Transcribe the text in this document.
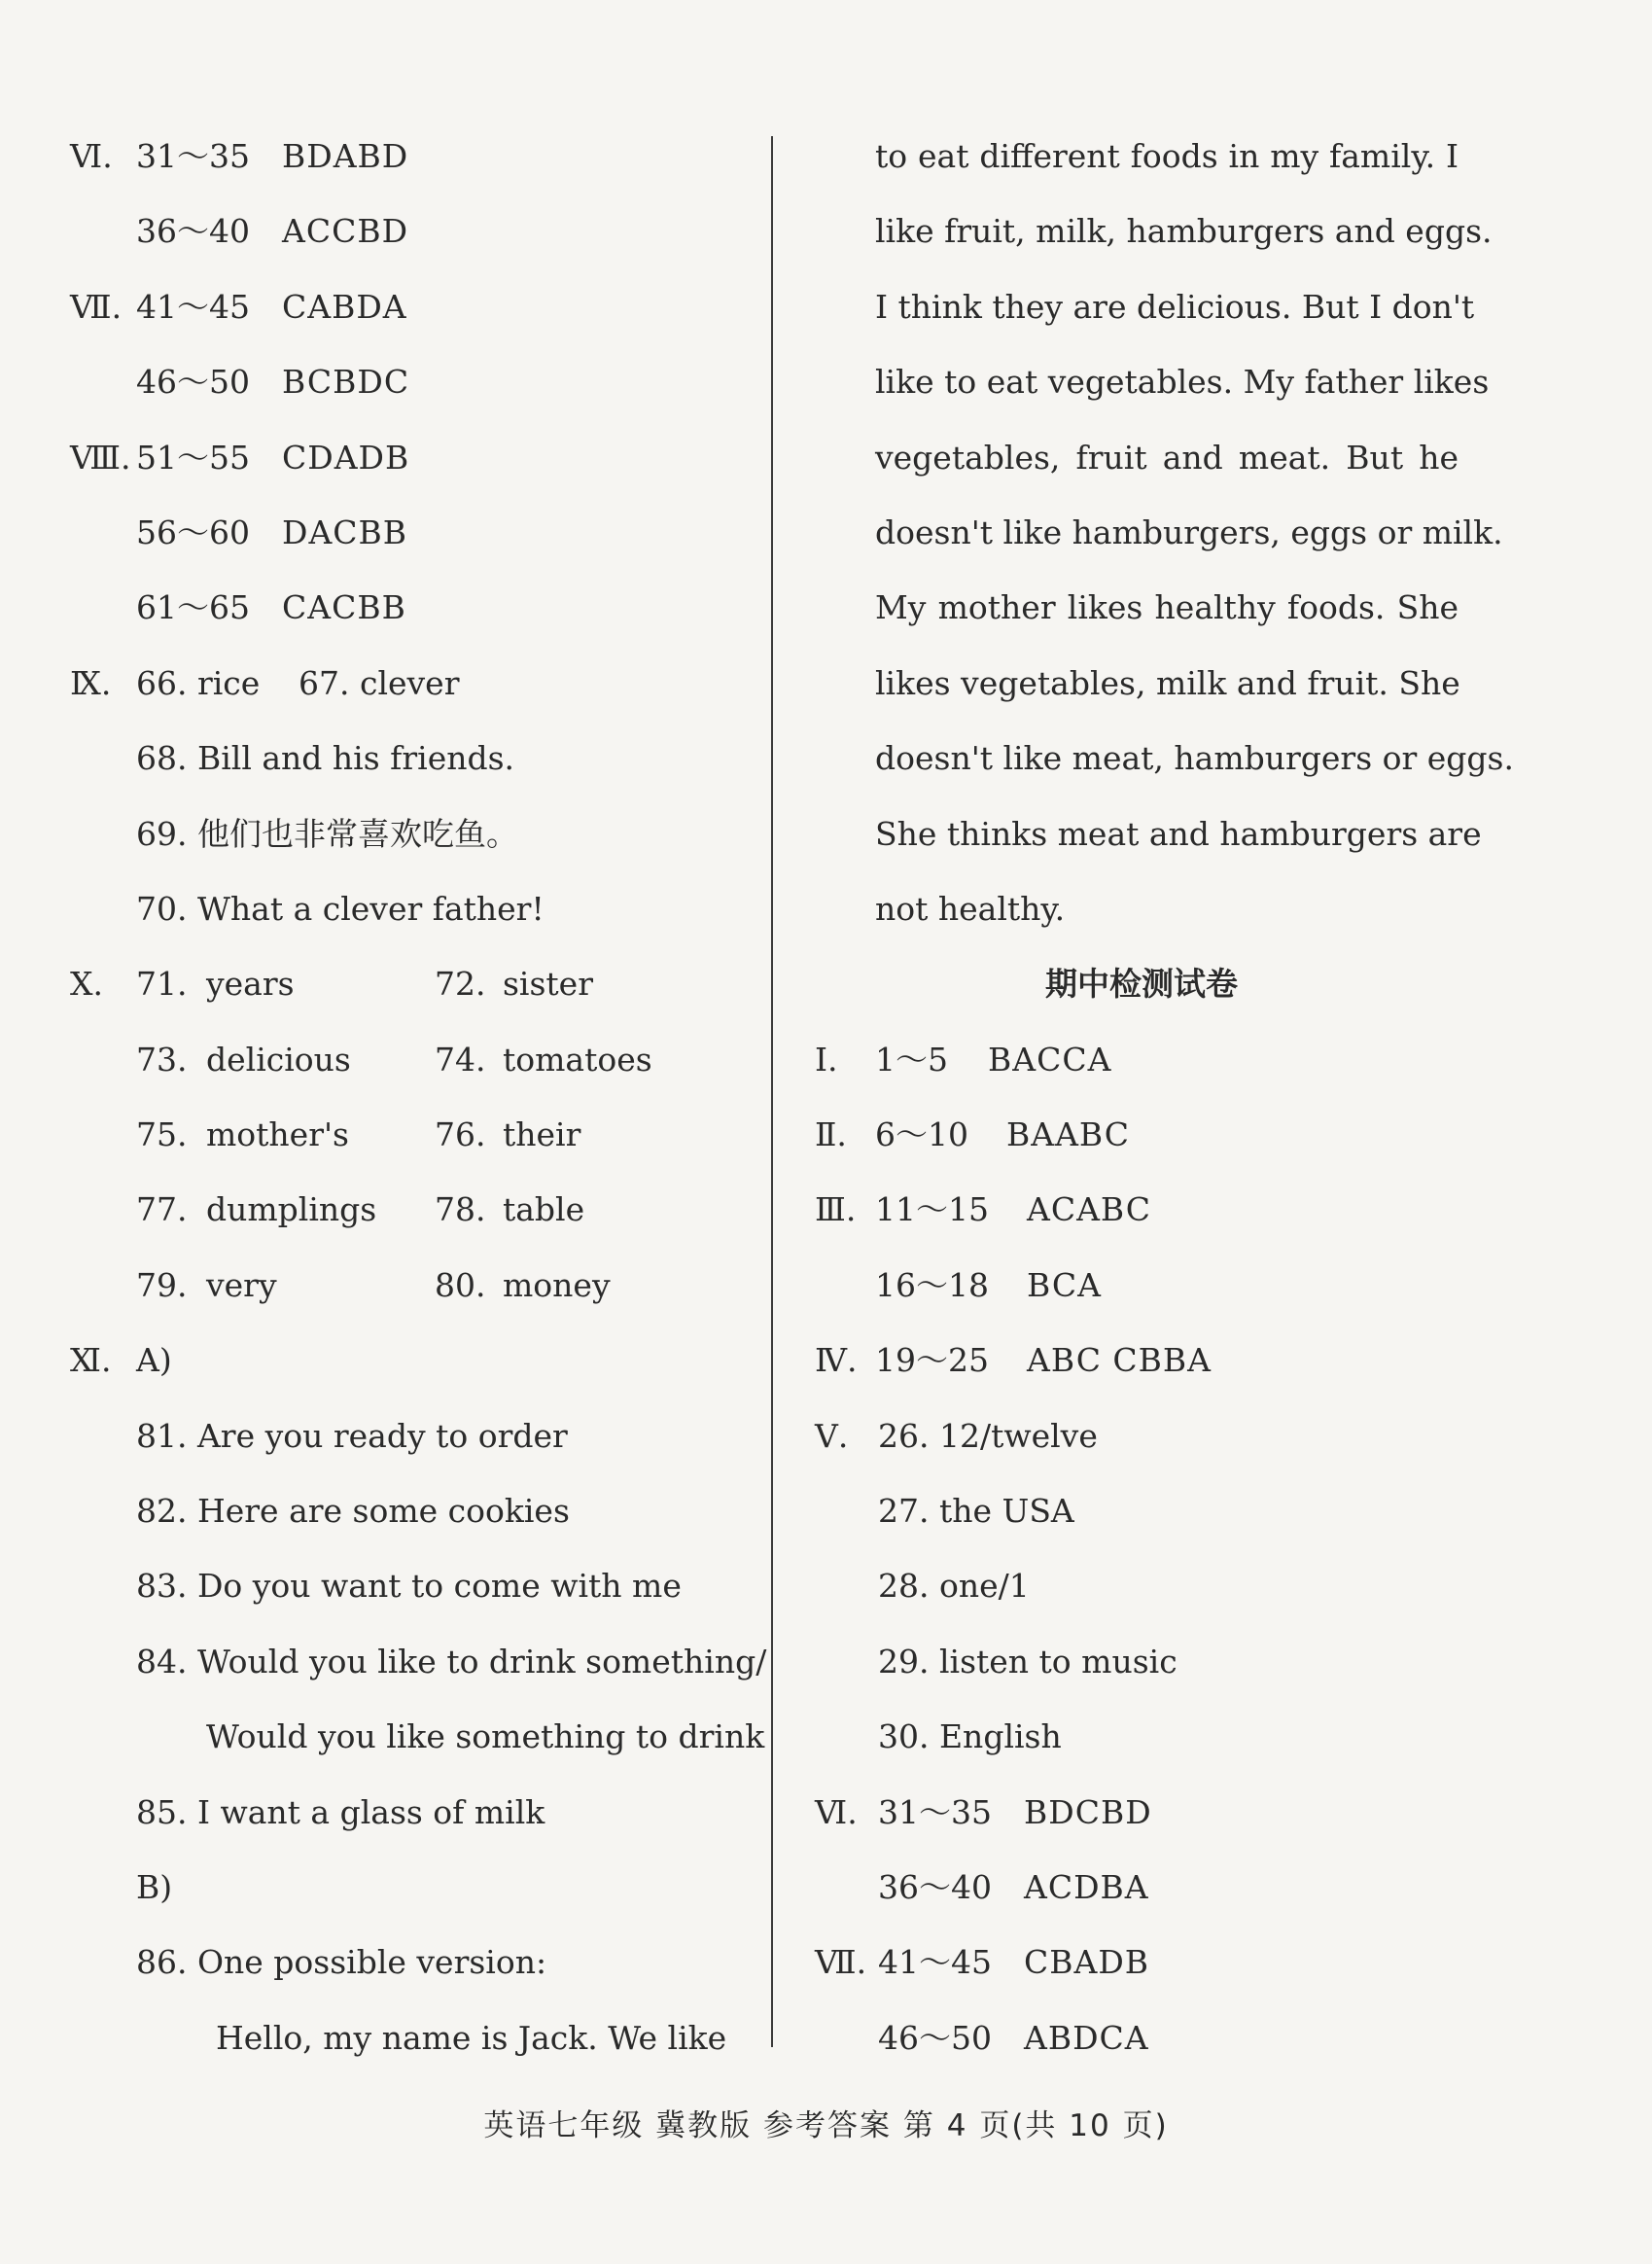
Ⅵ. 31～35 BDABD
36～40 ACCBD
Ⅶ. 41～45 CABDA
46～50 BCBDC
Ⅷ. 51～55 CDADB
56～60 DACBB
61～65 CACBB
Ⅸ. 66. rice 67. clever
68. Bill and his friends.
69. 他们也非常喜欢吃鱼。
70. What a clever father!
Ⅹ. 71. years	72. sister
73. delicious	74. tomatoes
75. mother's	76. their
77. dumplings 78. table
79. very	80. money
Ⅺ. A)
81. Are you ready to order
82. Here are some cookies
83. Do you want to come with me
84. Would you like to drink something/
Would you like something to drink
85. I want a glass of milk
B)
86. One possible version:
Hello, my name is Jack. We like
to eat different foods in my family. I
like fruit, milk, hamburgers and eggs.
I think they are delicious. But I don't
like to eat vegetables. My father likes
vegetables, fruit and meat. But he
doesn't like hamburgers, eggs or milk.
My mother likes healthy foods. She
likes vegetables, milk and fruit. She
doesn't like meat, hamburgers or eggs.
She thinks meat and hamburgers are
not healthy.
期中检测试卷
Ⅰ. 1～5 BACCA
Ⅱ. 6～10 BAABC
Ⅲ. 11～15 ACABC
16～18 BCA
Ⅳ. 19～25 ABC CBBA
Ⅴ. 26. 12/twelve
27. the USA
28. one/1
29. listen to music
30. English
Ⅵ. 31～35 BDCBD
36～40 ACDBA
Ⅶ. 41～45 CBADB
46～50 ABDCA
英语七年级 冀教版 参考答案 第 4 页(共 10 页)
